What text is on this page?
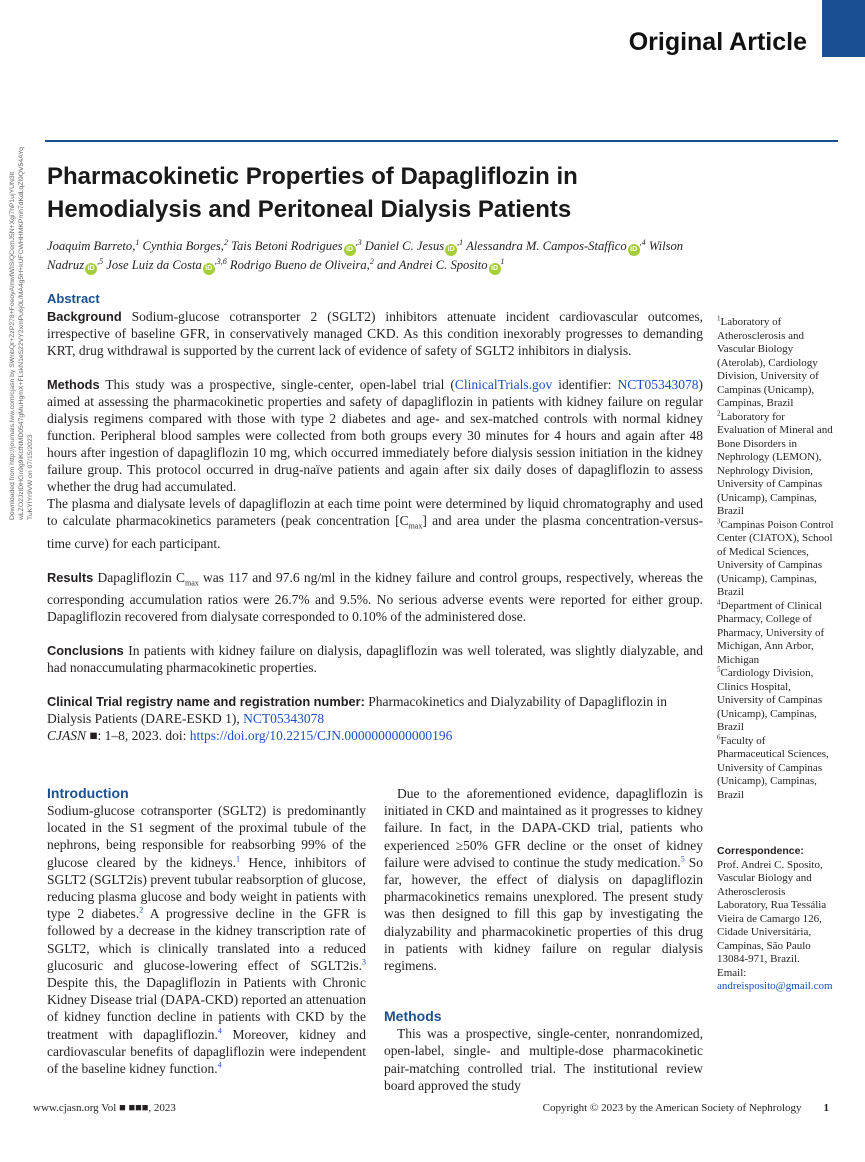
Original Article
Downloaded from http://journals.lww.com/cjasn by SWnbQr+ZzP278+FoeoyAmwfWISiQCemJ5N+Xgi7hP1ujYUN3lt wLZO2JzlDHGn9g9iKcfNMD0547gMuHgmX+FLskN1eS22VY2xmPu6j0L/MA4g5H+kUFCWHHMKPmh7dKdLqZl9QV54AYq TuKYIYr9VW on 07/15/2023
Pharmacokinetic Properties of Dapagliflozin in Hemodialysis and Peritoneal Dialysis Patients
Joaquim Barreto,$^1$ Cynthia Borges,$^2$ Tais Betoni Rodrigues $iD^{,3}$ Daniel C. Jesus $iD^{,1}$ Alessandra M. Campos-Staffico $iD^{,4}$ Wilson Nadruz $iD^{,5}$ Jose Luiz da Costa $iD^{,3,6}$ Rodrigo Bueno de Oliveira,$^2$ and Andrei C. Sposito $iD^1$
Abstract

Background Sodium-glucose cotransporter 2 (SGLT2) inhibitors attenuate incident cardiovascular outcomes, irrespective of baseline GFR, in conservatively managed CKD. As this condition inexorably progresses to demanding KRT, drug withdrawal is supported by the current lack of evidence of safety of SGLT2 inhibitors in dialysis.

Methods This study was a prospective, single-center, open-label trial (ClinicalTrials.gov identifier: NCT05343078) aimed at assessing the pharmacokinetic properties and safety of dapagliflozin in patients with kidney failure on regular dialysis regimens compared with those with type 2 diabetes and age- and sex-matched controls with normal kidney function. Peripheral blood samples were collected from both groups every 30 minutes for 4 hours and again after 48 hours after ingestion of dapagliflozin 10 mg, which occurred immediately before dialysis session initiation in the kidney failure group. This protocol occurred in drug-naïve patients and again after six daily doses of dapagliflozin to assess whether the drug had accumulated.

The plasma and dialysate levels of dapagliflozin at each time point were determined by liquid chromatography and used to calculate pharmacokinetics parameters (peak concentration $[C_{max}]$ and area under the plasma concentration-versus-time curve) for each participant.

Results Dapagliflozin $C_{max}$ was 117 and 97.6 ng/ml in the kidney failure and control groups, respectively, whereas the corresponding accumulation ratios were 26.7% and 9.5%. No serious adverse events were reported for either group. Dapagliflozin recovered from dialysate corresponded to 0.10% of the administered dose.

Conclusions In patients with kidney failure on dialysis, dapagliflozin was well tolerated, was slightly dialyzable, and had nonaccumulating pharmacokinetic properties.

Clinical Trial registry name and registration number: Pharmacokinetics and Dialyzability of Dapagliflozin in Dialysis Patients (DARE-ESKD 1), NCT05343078

CJASN ■: 1–8, 2023. doi: https://doi.org/10.2215/CJN.0000000000000196

$^1$Laboratory of Atherosclerosis and Vascular Biology (Aterolab), Cardiology Division, University of Campinas (Unicamp), Campinas, Brazil
$^2$Laboratory for Evaluation of Mineral and Bone Disorders in Nephrology (LEMON), Nephrology Division, University of Campinas (Unicamp), Campinas, Brazil
$^3$Campinas Poison Control Center (CIATOX), School of Medical Sciences, University of Campinas (Unicamp), Campinas, Brazil
$^4$Department of Clinical Pharmacy, College of Pharmacy, University of Michigan, Ann Arbor, Michigan
$^5$Cardiology Division, Clinics Hospital, University of Campinas (Unicamp), Campinas, Brazil
$^6$Faculty of Pharmaceutical Sciences, University of Campinas (Unicamp), Campinas, Brazil
Correspondence:
Prof. Andrei C. Sposito, Vascular Biology and Atherosclerosis Laboratory, Rua Tessália Vieira de Camargo 126, Cidade Universitária, Campinas, São Paulo 13084-971, Brazil.
Email: andreisposito@gmail.com
Introduction

Sodium-glucose cotransporter (SGLT2) is predominantly located in the S1 segment of the proximal tubule of the nephrons, being responsible for reabsorbing 99% of the glucose cleared by the kidneys.$^1$ Hence, inhibitors of SGLT2 (SGLT2is) prevent tubular reabsorption of glucose, reducing plasma glucose and body weight in patients with type 2 diabetes.$^2$ A progressive decline in the GFR is followed by a decrease in the kidney transcription rate of SGLT2, which is clinically translated into a reduced glucosuric and glucose-lowering effect of SGLT2is.$^3$ Despite this, the Dapagliflozin in Patients with Chronic Kidney Disease trial (DAPA-CKD) reported an attenuation of kidney function decline in patients with CKD by the treatment with dapagliflozin.$^4$ Moreover, kidney and cardiovascular benefits of dapagliflozin were independent of the baseline kidney function.$^4$

Due to the aforementioned evidence, dapagliflozin is initiated in CKD and maintained as it progresses to kidney failure. In fact, in the DAPA-CKD trial, patients who experienced ≥50% GFR decline or the onset of kidney failure were advised to continue the study medication.$^5$ So far, however, the effect of dialysis on dapagliflozin pharmacokinetics remains unexplored. The present study was then designed to fill this gap by investigating the dialyzability and pharmacokinetic properties of this drug in patients with kidney failure on regular dialysis regimens.

Methods

This was a prospective, single-center, nonrandomized, open-label, single- and multiple-dose pharmacokinetic pair-matching controlled trial. The institutional review board approved the study

www.cjasn.org Vol ■ ■■■, 2023	Copyright © 2023 by the American Society of Nephrology 1
